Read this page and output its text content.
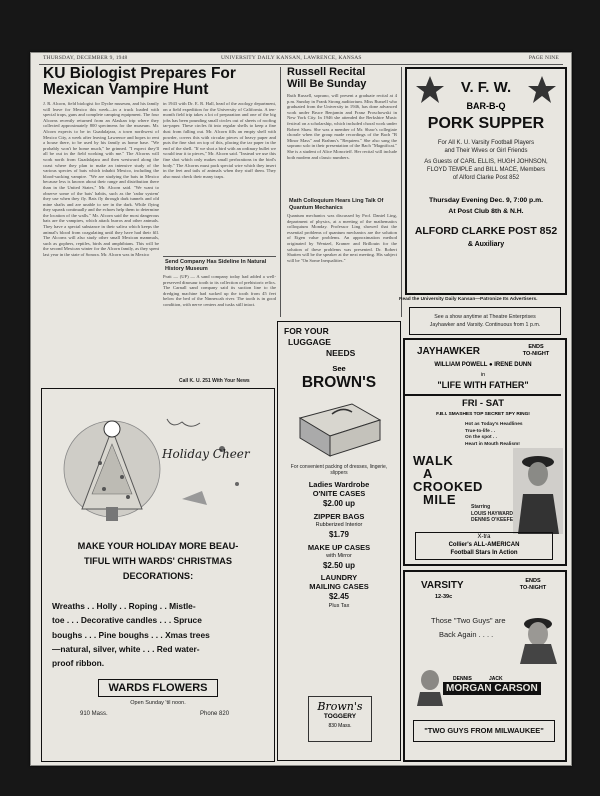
THURSDAY, DECEMBER 9, 1948	UNIVERSITY DAILY KANSAN, LAWRENCE, KANSAS	PAGE NINE
KU Biologist Prepares For
Mexican Vampire Hunt
J. R. Alcorn, field biologist for Dyche museum, and his family will leave for Mexico this week—in a truck loaded with special traps, guns and complete camping equipment. The four Alcorns recently returned from an Alaskan trip where they collected approximately 800 specimens for the museum. Mr. Alcorn expects to be in Guadalajara, a town northwest of Mexico City, a week after leaving Lawrence and hopes to rent a house there, to be used by his family as home base. "We probably won't be home much," he grinned. "I expect they'll all be out in the field working with me." The Alcorns will work north from Guadalajara and then westward along the coast where they plan to make an intensive study of the various species of bats which inhabit Mexico, including the blood-sucking vampire. "We are studying the bats in Mexico because less is known about their range and distribution there than in the United States," Mr. Alcorn said. "We want to observe some of the bats' habits, such as the 'radar system' they use when they fly. Bats fly through dark tunnels and old mine shafts and are unable to see in the dark. While flying they squeak continually and the echoes help them to determine the location of the walls." Mr. Alcorn said the most dangerous bats are the vampires, which attack burros and other animals. They have a special substance in their saliva which keeps the animal's blood from coagulating until they have had their fill. The Alcorns will also study other small Mexican mammals, such as gophers, reptiles, birds and amphibians. This will be the second Mexican winter for the Alcorn family, as they spent last year in the state of Sonora. Mr. Alcorn was in Mexico
in 1943 with Dr. E. R. Hall, head of the zoology department, on a field expedition for the University of California. A ten-month field trip takes a lot of preparation and one of the big jobs has been pounding small circles out of sheets of roofing tar-paper. These circles fit into regular shells to keep a fine dust from falling out. Mr. Alcorn fills an empty shell with powder, covers this with circular pieces of heavy paper and puts the fine shot on top of this, placing the tar paper in the end of the shell. "If we shot a bird with an ordinary bullet we would tear it to pieces," Mr. Alcorn said. "Instead we use this fine shot which only makes small perforations in the bird's body." The Alcorns must pack special wire which they insert in the feet and tails of animals when they stuff them. They also must check their many traps.
Send Company Has Sideline In Natural History Museum
Pratt — (UP) — A sand company today had added a well-preserved dinosaur tooth to its collection of prehistoric relics. The Carnall sand company said its suction line to the dredging machine had sucked up the tooth from 45 feet below the bed of the Ninnescah river. The tooth is in good condition, with nerve centers and tusks still intact.
Call K. U. 251 With Your News
Russell Recital
Will Be Sunday
Ruth Russell, soprano, will present a graduate recital at 4 p.m. Sunday in Frank Strong auditorium. Miss Russell who graduated from the University in 1946, has done advanced work under Bruce Benjamin and Franz Proschowski in New York City. In 1946 she attended the Berkshire Music festival on a scholarship, which included choral work under Robert Shaw. She was a member of Mr. Shaw's collegiate chorale when the group made recordings of the Bach "B Minor Mass" and Brahms's "Requiem." She also sang the soprano solo in their presentation of the Bach "Magnificat." She is a student of Alice Moncrieff. Her recital will include both modern and classic numbers.
Math Colloquium Hears Ling Talk Of Quantum Mechanics
Quantum mechanics was discussed by Prof. Daniel Ling, department of physics, at a meeting of the mathematics colloquium Monday. Professor Ling showed that the essential problems of quantum mechanics are the solution of Eigen value problems. An approximation method originated by Wentzel, Kramer and Brillouin for the solution of these problems was presented. Dr. Robert Shatten will be the speaker at the next meeting. His subject will be "On Some Inequalities."
Holiday Cheer
MAKE YOUR HOLIDAY MORE BEAU-
TIFUL WITH WARDS' CHRISTMAS
DECORATIONS:
Wreaths . . Holly . . Roping . . Mistle-
toe . . . Decorative candles . . . Spruce
boughs . . . Pine boughs . . . Xmas trees
—natural, silver, white . . . Red water-
proof ribbon.
WARDS FLOWERS
Open Sunday 'til noon.
910 Mass.	Phone 820
FOR YOUR
LUGGAGE
NEEDS
See
BROWN'S
For convenient packing of dresses, lingerie, slippers
Ladies Wardrobe
O'NITE CASES
$2.00 up
ZIPPER BAGS
Rubberized Interior
$1.79
MAKE UP CASES
with Mirror
$2.50 up
LAUNDRY
MAILING CASES
$2.45
Plus Tax
Brown's
TOGGERY
830 Mass.
V. F. W.
BAR-B-Q
PORK SUPPER
For All K. U. Varsity Football Players
and Their Wives or Girl Friends
As Guests of CARL ELLIS, HUGH JOHNSON,
FLOYD TEMPLE and BILL MACE, Members
of Alford Clarke Post 852
Thursday Evening Dec. 9, 7:00 p.m.
At Post Club 8th & N.H.
ALFORD CLARKE POST 852
& Auxiliary
Read the University Daily Kansan—Patronize Its Advertisers.
See a show anytime at Theatre Enterprises
Jayhawker and Varsity. Continuous from 1 p.m.
JAYHAWKER	ENDS
TO-NIGHT
WILLIAM POWELL ● IRENE DUNN
in
"LIFE WITH FATHER"
FRI - SAT
F.B.I. SMASHES TOP SECRET SPY RING!
Hot as Today's Headlines
True-to-life . .
On the spot . .
Heart in Mouth Realism!
WALK
A
CROOKED
MILE	Starring
LOUIS HAYWARD
DENNIS O'KEEFE
X-tra
Collier's ALL-AMERICAN
Football Stars In Action
VARSITY
12-39c
ENDS
TO-NIGHT
Those "Two Guys" are
Back Again . . . .
DENNIS	JACK
MORGAN CARSON
"TWO GUYS FROM MILWAUKEE"
